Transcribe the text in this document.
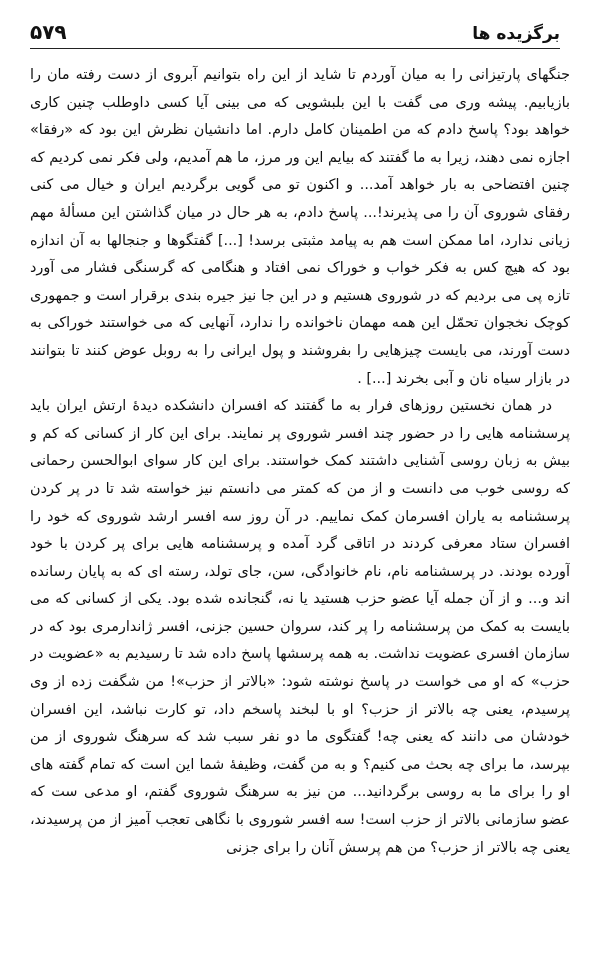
۵۷۹	برگزیده ها

جنگهای پارتیزانی را به میان آوردم تا شاید از این راه بتوانیم آبروی از دست رفته مان را بازیابیم. پیشه وری می گفت با این بلبشویی که می بینی آیا کسی داوطلب چنین کاری خواهد بود؟ پاسخ دادم که من اطمینان کامل دارم. اما دانشیان نظرش این بود که «رفقا» اجازه نمی دهند، زیرا به ما گفتند که بیایم این ور مرز، ما هم آمدیم، ولی فکر نمی کردیم که چنین افتضاحی به بار خواهد آمد... و اکنون تو می گویی برگردیم ایران و خیال می کنی رفقای شوروی آن را می پذیرند!... پاسخ دادم، به هر حال در میان گذاشتن این مسألهٔ مهم زیانی ندارد، اما ممکن است هم به پیامد مثبتی برسد! [...] گفتگوها و جنجالها به آن اندازه بود که هیچ کس به فکر خواب و خوراک نمی افتاد و هنگامی که گرسنگی فشار می آورد تازه پی می بردیم که در شوروی هستیم و در این جا نیز جیره بندی برقرار است و جمهوری کوچک نخجوان تحمّل این همه مهمان ناخوانده را ندارد، آنهایی که می خواستند خوراکی به دست آورند، می بایست چیزهایی را بفروشند و پول ایرانی را به روبل عوض کنند تا بتوانند در بازار سیاه نان و آبی بخرند [...] .

در همان نخستین روزهای فرار به ما گفتند که افسران دانشکده دیدهٔ ارتش ایران باید پرسشنامه هایی را در حضور چند افسر شوروی پر نمایند. برای این کار از کسانی که کم و بیش به زبان روسی آشنایی داشتند کمک خواستند. برای این کار سوای ابوالحسن رحمانی که روسی خوب می دانست و از من که کمتر می دانستم نیز خواسته شد تا در پر کردن پرسشنامه به یاران افسرمان کمک نماییم. در آن روز سه افسر ارشد شوروی که خود را افسران ستاد معرفی کردند در اتاقی گرد آمده و پرسشنامه هایی برای پر کردن با خود آورده بودند. در پرسشنامه نام، نام خانوادگی، سن، جای تولد، رسته ای که به پایان رسانده اند و... و از آن جمله آیا عضو حزب هستید یا نه، گنجانده شده بود. یکی از کسانی که می بایست به کمک من پرسشنامه را پر کند، سروان حسین جزنی، افسر ژاندارمری بود که در سازمان افسری عضویت نداشت. به همه پرسشها پاسخ داده شد تا رسیدیم به «عضویت در حزب» که او می خواست در پاسخ نوشته شود: «بالاتر از حزب»! من شگفت زده از وی پرسیدم، یعنی چه بالاتر از حزب؟ او با لبخند پاسخم داد، تو کارت نباشد، این افسران خودشان می دانند که یعنی چه! گفتگوی ما دو نفر سبب شد که سرهنگ شوروی از من بپرسد، ما برای چه بحث می کنیم؟ و به من گفت، وظیفهٔ شما این است که تمام گفته های او را برای ما به روسی برگردانید... من نیز به سرهنگ شوروی گفتم، او مدعی ست که عضو سازمانی بالاتر از حزب است! سه افسر شوروی با نگاهی تعجب آمیز از من پرسیدند، یعنی چه بالاتر از حزب؟ من هم پرسش آنان را برای جزنی
